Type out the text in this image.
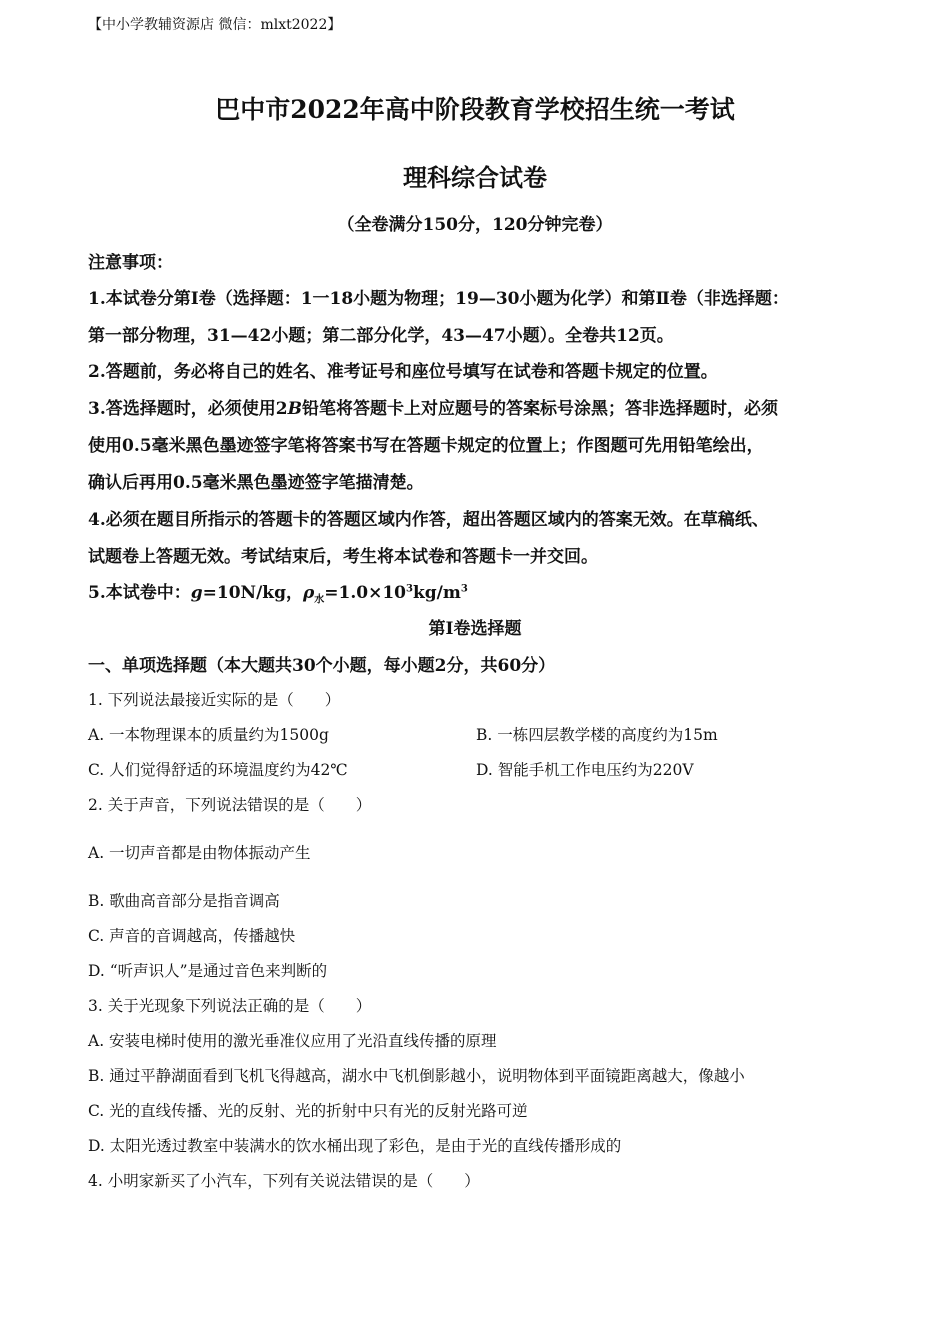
【中小学教辅资源店 微信：mlxt2022】
巴中市2022年高中阶段教育学校招生统一考试
理科综合试卷
（全卷满分150分，120分钟完卷）
注意事项：
1.本试卷分第Ⅰ卷（选择题：1一18小题为物理；19—30小题为化学）和第Ⅱ卷（非选择题：
第一部分物理，31—42小题；第二部分化学，43—47小题）。全卷共12页。
2.答题前，务必将自己的姓名、准考证号和座位号填写在试卷和答题卡规定的位置。
3.答选择题时，必须使用2B铅笔将答题卡上对应题号的答案标号涂黑；答非选择题时，必须
使用0.5毫米黑色墨迹签字笔将答案书写在答题卡规定的位置上；作图题可先用铅笔绘出，
确认后再用0.5毫米黑色墨迹签字笔描清楚。
4.必须在题目所指示的答题卡的答题区域内作答，超出答题区域内的答案无效。在草稿纸、
试题卷上答题无效。考试结束后，考生将本试卷和答题卡一并交回。
5.本试卷中：g=10N/kg，$\rho_水=1.0\times 10^3kg/m^3$
第Ⅰ卷选择题
一、单项选择题（本大题共30个小题，每小题2分，共60分）
1. 下列说法最接近实际的是（　　）
A. 一本物理课本的质量约为1500g	B. 一栋四层教学楼的高度约为15m
C. 人们觉得舒适的环境温度约为42℃	D. 智能手机工作电压约为220V
2. 关于声音，下列说法错误的是（　　）
A. 一切声音都是由物体振动产生
B. 歌曲高音部分是指音调高
C. 声音的音调越高，传播越快
D. “听声识人”是通过音色来判断的
3. 关于光现象下列说法正确的是（　　）
A. 安装电梯时使用的激光垂准仪应用了光沿直线传播的原理
B. 通过平静湖面看到飞机飞得越高，湖水中飞机倒影越小，说明物体到平面镜距离越大，像越小
C. 光的直线传播、光的反射、光的折射中只有光的反射光路可逆
D. 太阳光透过教室中装满水的饮水桶出现了彩色，是由于光的直线传播形成的
4. 小明家新买了小汽车，下列有关说法错误的是（　　）
